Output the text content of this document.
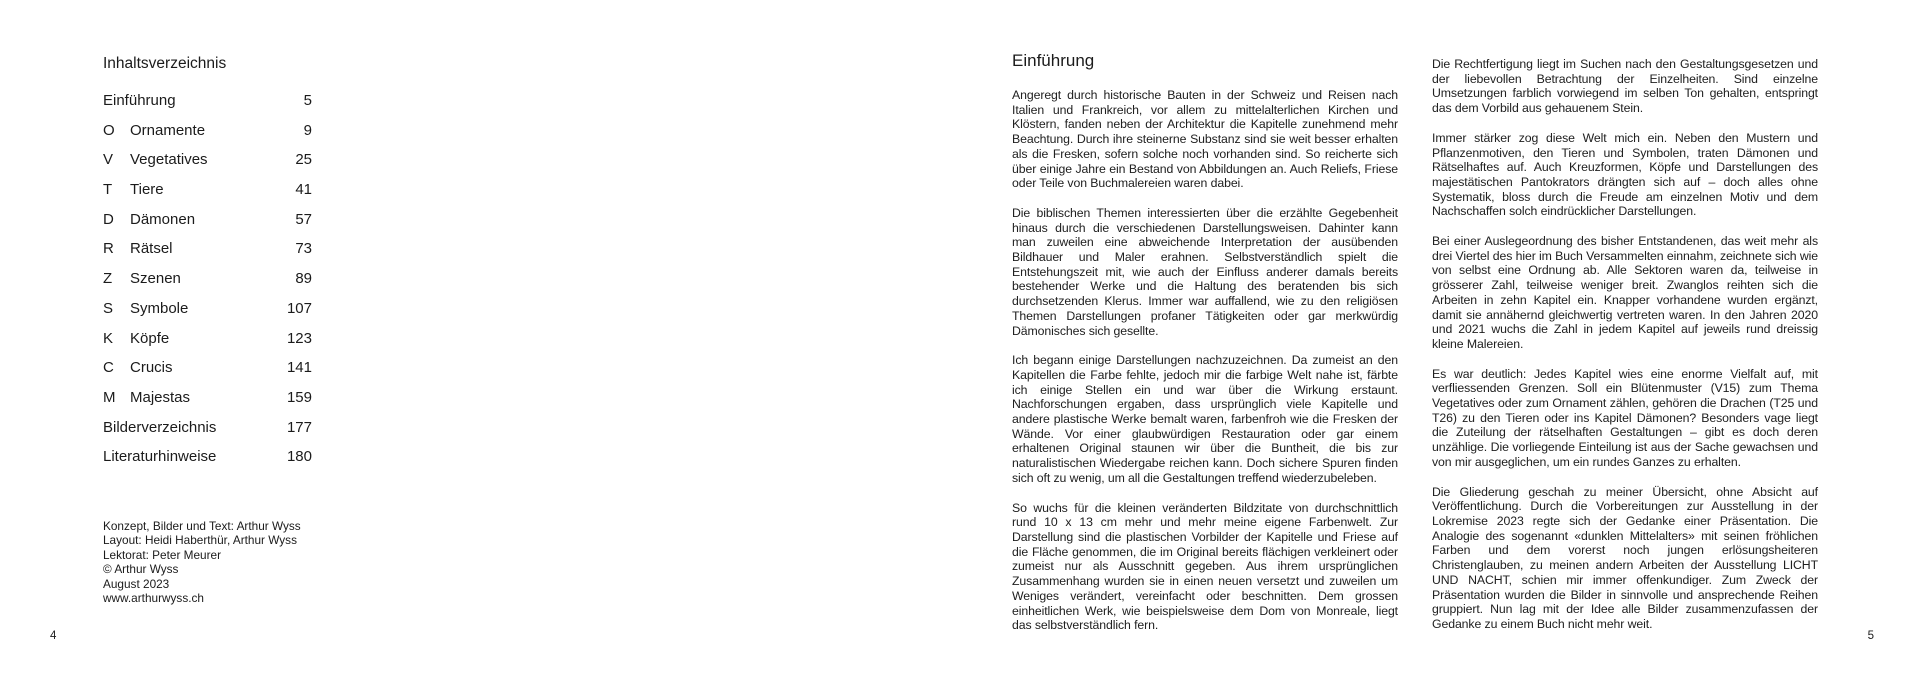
Inhaltsverzeichnis
Einführung	5
O	Ornamente	9
V	Vegetatives	25
T	Tiere	41
D	Dämonen	57
R	Rätsel	73
Z	Szenen	89
S	Symbole	107
K	Köpfe	123
C	Crucis	141
M Majestas	159
Bilderverzeichnis	177
Literaturhinweise	180
Konzept, Bilder und Text: Arthur Wyss
Layout: Heidi Haberthür, Arthur Wyss
Lektorat: Peter Meurer
© Arthur Wyss
August 2023
www.arthurwyss.ch
4
Einführung

Angeregt durch historische Bauten in der Schweiz und Reisen nach Italien und Frankreich, vor allem zu mittelalterlichen Kirchen und Klöstern, fanden neben der Architektur die Kapitelle zunehmend mehr Beachtung. Durch ihre steinerne Substanz sind sie weit besser erhalten als die Fresken, sofern solche noch vorhanden sind. So reicherte sich über einige Jahre ein Bestand von Abbildungen an. Auch Reliefs, Friese oder Teile von Buchmalereien waren dabei.

Die biblischen Themen interessierten über die erzählte Gegebenheit hinaus durch die verschiedenen Darstellungsweisen. Dahinter kann man zuweilen eine abweichende Interpretation der ausübenden Bildhauer und Maler erahnen. Selbstverständlich spielt die Entstehungszeit mit, wie auch der Einfluss anderer damals bereits bestehender Werke und die Haltung des beratenden bis sich durchsetzenden Klerus. Immer war auffallend, wie zu den religiösen Themen Darstellungen profaner Tätigkeiten oder gar merkwürdig Dämonisches sich gesellte.

Ich begann einige Darstellungen nachzuzeichnen. Da zumeist an den Kapitellen die Farbe fehlte, jedoch mir die farbige Welt nahe ist, färbte ich einige Stellen ein und war über die Wirkung erstaunt. Nachforschungen ergaben, dass ursprünglich viele Kapitelle und andere plastische Werke bemalt waren, farbenfroh wie die Fresken der Wände. Vor einer glaubwürdigen Restauration oder gar einem erhaltenen Original staunen wir über die Buntheit, die bis zur naturalistischen Wiedergabe reichen kann. Doch sichere Spuren finden sich oft zu wenig, um all die Gestaltungen treffend wiederzubeleben.

So wuchs für die kleinen veränderten Bildzitate von durchschnittlich rund 10 x 13 cm mehr und mehr meine eigene Farbenwelt. Zur Darstellung sind die plastischen Vorbilder der Kapitelle und Friese auf die Fläche genommen, die im Original bereits flächigen verkleinert oder zumeist nur als Ausschnitt gegeben. Aus ihrem ursprünglichen Zusammenhang wurden sie in einen neuen versetzt und zuweilen um Weniges verändert, vereinfacht oder beschnitten. Dem grossen einheitlichen Werk, wie beispielsweise dem Dom von Monreale, liegt das selbstverständlich fern.

Die Rechtfertigung liegt im Suchen nach den Gestaltungsgesetzen und der liebevollen Betrachtung der Einzelheiten. Sind einzelne Umsetzungen farblich vorwiegend im selben Ton gehalten, entspringt das dem Vorbild aus gehauenem Stein.

Immer stärker zog diese Welt mich ein. Neben den Mustern und Pflanzenmotiven, den Tieren und Symbolen, traten Dämonen und Rätselhaftes auf. Auch Kreuzformen, Köpfe und Darstellungen des majestätischen Pantokrators drängten sich auf – doch alles ohne Systematik, bloss durch die Freude am einzelnen Motiv und dem Nachschaffen solch eindrücklicher Darstellungen.

Bei einer Auslegeordnung des bisher Entstandenen, das weit mehr als drei Viertel des hier im Buch Versammelten einnahm, zeichnete sich wie von selbst eine Ordnung ab. Alle Sektoren waren da, teilweise in grösserer Zahl, teilweise weniger breit. Zwanglos reihten sich die Arbeiten in zehn Kapitel ein. Knapper vorhandene wurden ergänzt, damit sie annähernd gleichwertig vertreten waren. In den Jahren 2020 und 2021 wuchs die Zahl in jedem Kapitel auf jeweils rund dreissig kleine Malereien.

Es war deutlich: Jedes Kapitel wies eine enorme Vielfalt auf, mit verfliessenden Grenzen. Soll ein Blütenmuster (V15) zum Thema Vegetatives oder zum Ornament zählen, gehören die Drachen (T25 und T26) zu den Tieren oder ins Kapitel Dämonen? Besonders vage liegt die Zuteilung der rätselhaften Gestaltungen – gibt es doch deren unzählige. Die vorliegende Einteilung ist aus der Sache gewachsen und von mir ausgeglichen, um ein rundes Ganzes zu erhalten.

Die Gliederung geschah zu meiner Übersicht, ohne Absicht auf Veröffentlichung. Durch die Vorbereitungen zur Ausstellung in der Lokremise 2023 regte sich der Gedanke einer Präsentation. Die Analogie des sogenannt «dunklen Mittelalters» mit seinen fröhlichen Farben und dem vorerst noch jungen erlösungsheiteren Christenglauben, zu meinen andern Arbeiten der Ausstellung LICHT UND NACHT, schien mir immer offenkundiger. Zum Zweck der Präsentation wurden die Bilder in sinnvolle und ansprechende Reihen gruppiert. Nun lag mit der Idee alle Bilder zusammenzufassen der Gedanke zu einem Buch nicht mehr weit.

5
